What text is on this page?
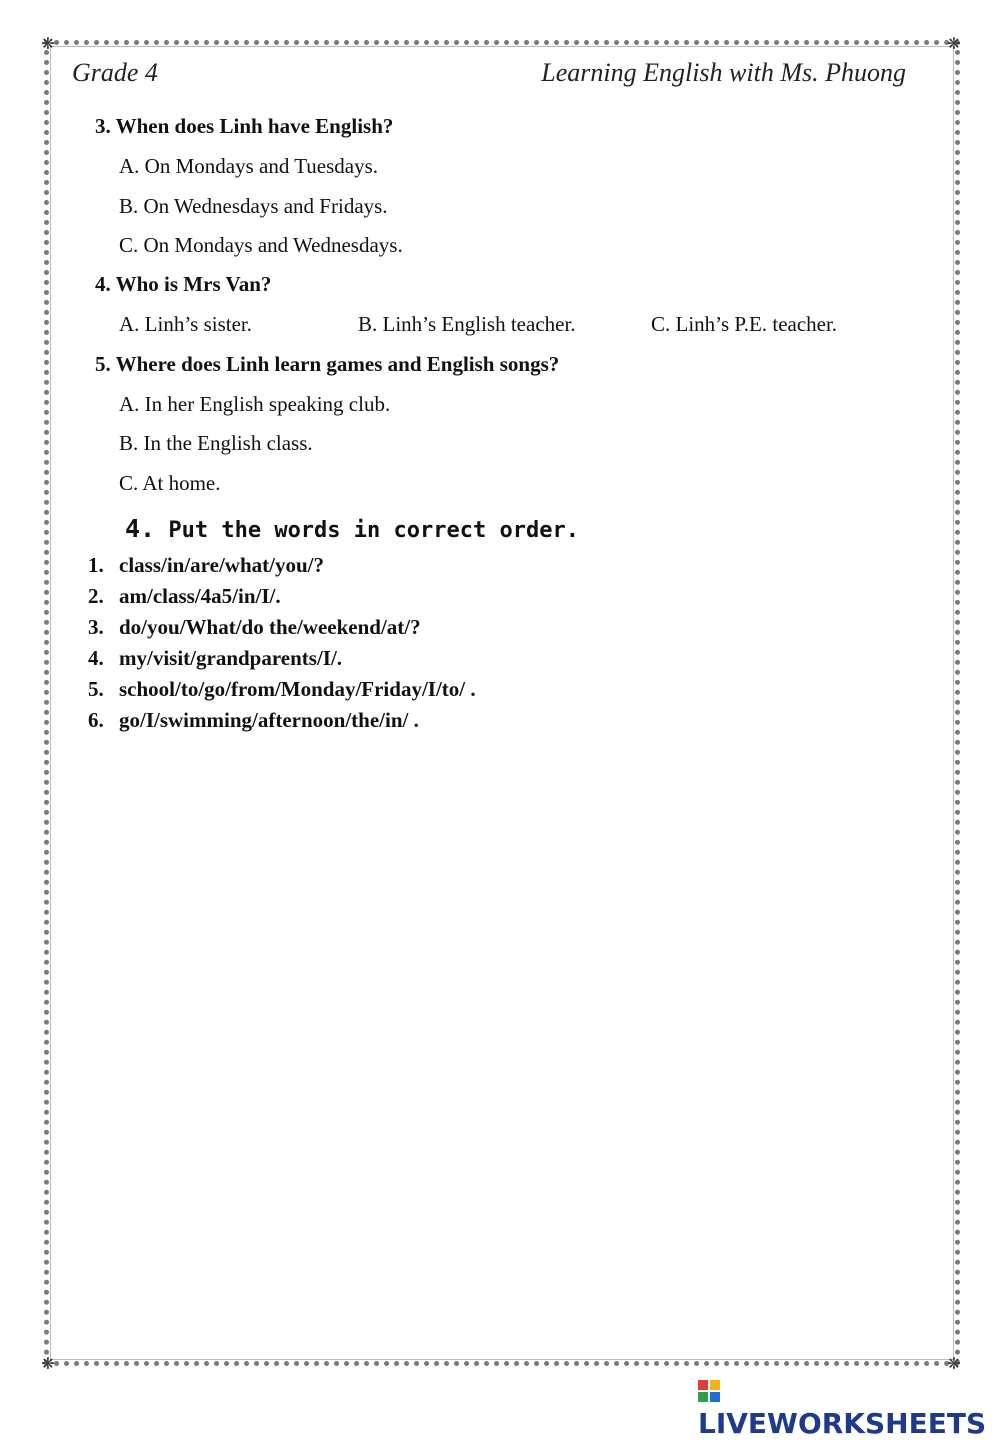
❋	❋
❋	❋
Grade 4	Learning English with Ms. Phuong
3. When does Linh have English?
A. On Mondays and Tuesdays.
B. On Wednesdays and Fridays.
C. On Mondays and Wednesdays.
4. Who is Mrs Van?
A. Linh’s sister.	B. Linh’s English teacher.	C. Linh’s P.E. teacher.
5. Where does Linh learn games and English songs?
A. In her English speaking club.
B. In the English class.
C. At home.
4. Put the words in correct order.
1. class/in/are/what/you/?
2. am/class/4a5/in/I/.
3. do/you/What/do the/weekend/at/?
4. my/visit/grandparents/I/.
5. school/to/go/from/Monday/Friday/I/to/ .
6. go/I/swimming/afternoon/the/in/ .
LIVEWORKSHEETS
